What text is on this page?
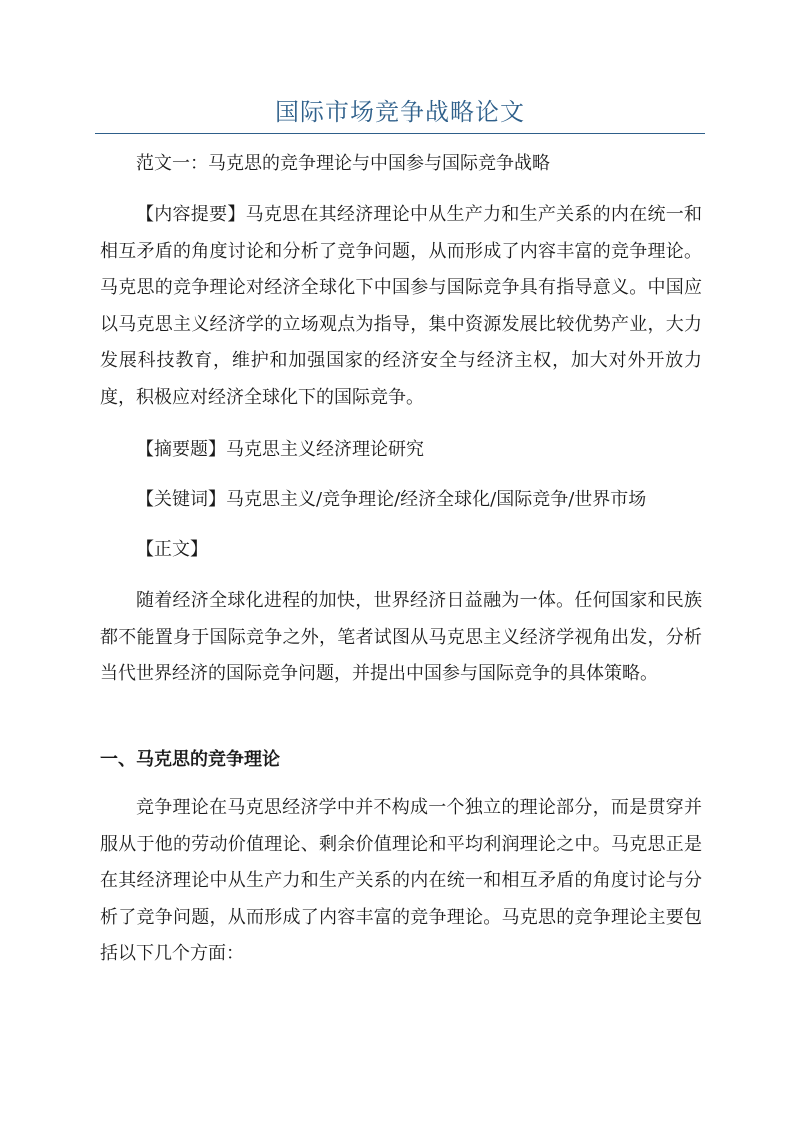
国际市场竞争战略论文

范文一：马克思的竞争理论与中国参与国际竞争战略

【内容提要】马克思在其经济理论中从生产力和生产关系的内在统一和相互矛盾的角度讨论和分析了竞争问题，从而形成了内容丰富的竞争理论。马克思的竞争理论对经济全球化下中国参与国际竞争具有指导意义。中国应以马克思主义经济学的立场观点为指导，集中资源发展比较优势产业，大力发展科技教育，维护和加强国家的经济安全与经济主权，加大对外开放力度，积极应对经济全球化下的国际竞争。

【摘要题】马克思主义经济理论研究

【关键词】马克思主义/竞争理论/经济全球化/国际竞争/世界市场

【正文】

随着经济全球化进程的加快，世界经济日益融为一体。任何国家和民族都不能置身于国际竞争之外，笔者试图从马克思主义经济学视角出发，分析当代世界经济的国际竞争问题，并提出中国参与国际竞争的具体策略。

一、马克思的竞争理论

竞争理论在马克思经济学中并不构成一个独立的理论部分，而是贯穿并服从于他的劳动价值理论、剩余价值理论和平均利润理论之中。马克思正是在其经济理论中从生产力和生产关系的内在统一和相互矛盾的角度讨论与分析了竞争问题，从而形成了内容丰富的竞争理论。马克思的竞争理论主要包括以下几个方面：
